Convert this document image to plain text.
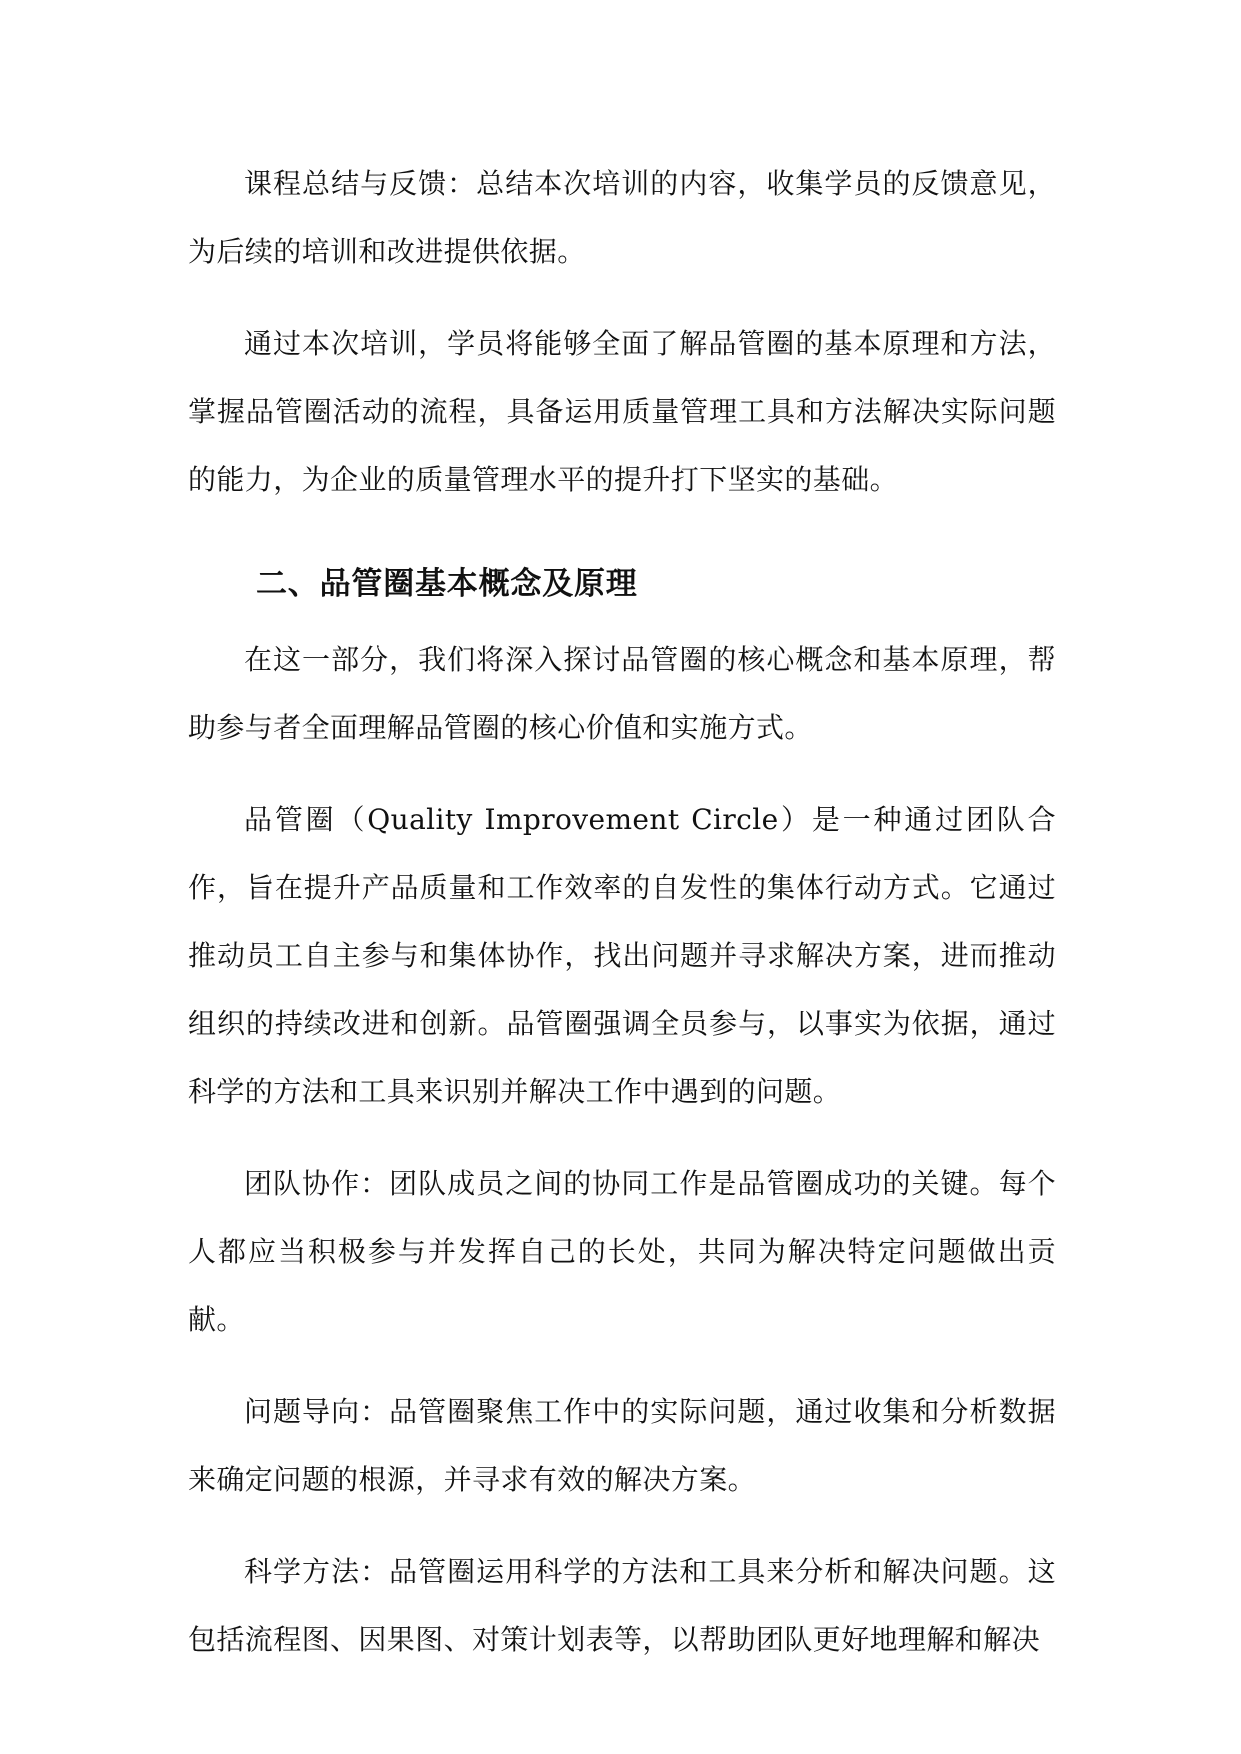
课程总结与反馈：总结本次培训的内容，收集学员的反馈意见，为后续的培训和改进提供依据。

通过本次培训，学员将能够全面了解品管圈的基本原理和方法，掌握品管圈活动的流程，具备运用质量管理工具和方法解决实际问题的能力，为企业的质量管理水平的提升打下坚实的基础。

二、品管圈基本概念及原理

在这一部分，我们将深入探讨品管圈的核心概念和基本原理，帮助参与者全面理解品管圈的核心价值和实施方式。

品管圈（Quality Improvement Circle）是一种通过团队合作，旨在提升产品质量和工作效率的自发性的集体行动方式。它通过推动员工自主参与和集体协作，找出问题并寻求解决方案，进而推动组织的持续改进和创新。品管圈强调全员参与，以事实为依据，通过科学的方法和工具来识别并解决工作中遇到的问题。

团队协作：团队成员之间的协同工作是品管圈成功的关键。每个人都应当积极参与并发挥自己的长处，共同为解决特定问题做出贡献。

问题导向：品管圈聚焦工作中的实际问题，通过收集和分析数据来确定问题的根源，并寻求有效的解决方案。

科学方法：品管圈运用科学的方法和工具来分析和解决问题。这包括流程图、因果图、对策计划表等，以帮助团队更好地理解和解决
